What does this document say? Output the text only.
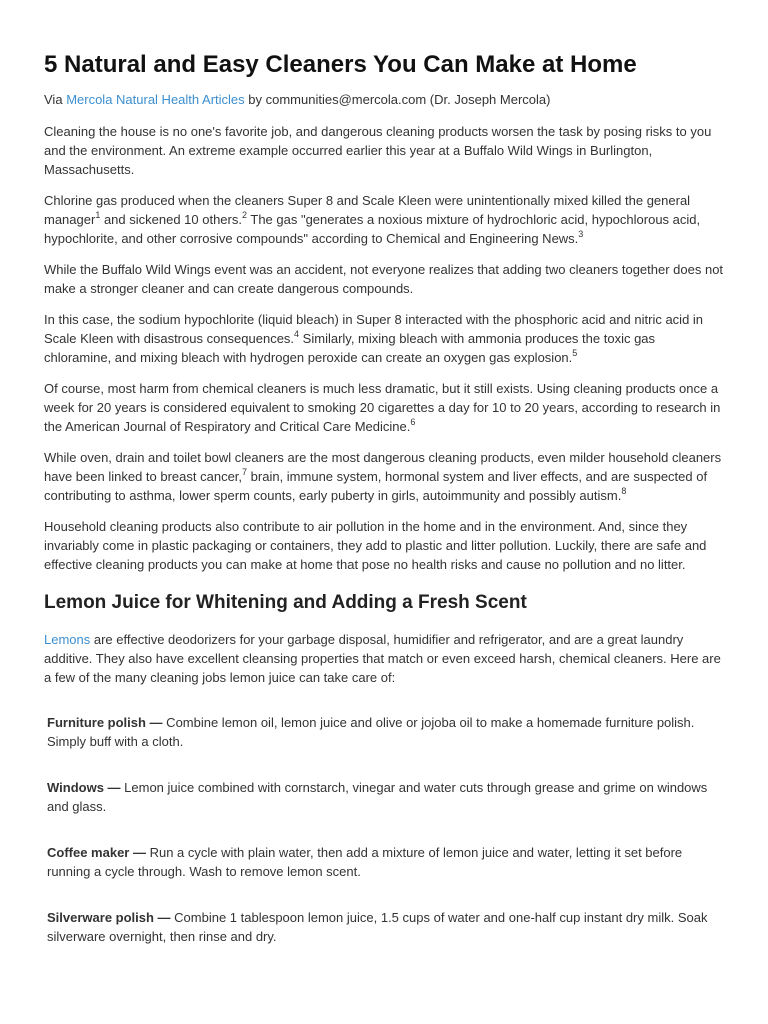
5 Natural and Easy Cleaners You Can Make at Home
Via Mercola Natural Health Articles by communities@mercola.com (Dr. Joseph Mercola)

Cleaning the house is no one's favorite job, and dangerous cleaning products worsen the task by posing risks to you and the environment. An extreme example occurred earlier this year at a Buffalo Wild Wings in Burlington, Massachusetts.

Chlorine gas produced when the cleaners Super 8 and Scale Kleen were unintentionally mixed killed the general manager$^1$ and sickened 10 others.$^2$ The gas "generates a noxious mixture of hydrochloric acid, hypochlorous acid, hypochlorite, and other corrosive compounds" according to Chemical and Engineering News.$^3$

While the Buffalo Wild Wings event was an accident, not everyone realizes that adding two cleaners together does not make a stronger cleaner and can create dangerous compounds.

In this case, the sodium hypochlorite (liquid bleach) in Super 8 interacted with the phosphoric acid and nitric acid in Scale Kleen with disastrous consequences.$^4$ Similarly, mixing bleach with ammonia produces the toxic gas chloramine, and mixing bleach with hydrogen peroxide can create an oxygen gas explosion.$^5$

Of course, most harm from chemical cleaners is much less dramatic, but it still exists. Using cleaning products once a week for 20 years is considered equivalent to smoking 20 cigarettes a day for 10 to 20 years, according to research in the American Journal of Respiratory and Critical Care Medicine.$^6$

While oven, drain and toilet bowl cleaners are the most dangerous cleaning products, even milder household cleaners have been linked to breast cancer,$^7$ brain, immune system, hormonal system and liver effects, and are suspected of contributing to asthma, lower sperm counts, early puberty in girls, autoimmunity and possibly autism.$^8$

Household cleaning products also contribute to air pollution in the home and in the environment. And, since they invariably come in plastic packaging or containers, they add to plastic and litter pollution. Luckily, there are safe and effective cleaning products you can make at home that pose no health risks and cause no pollution and no litter.

Lemon Juice for Whitening and Adding a Fresh Scent

Lemons are effective deodorizers for your garbage disposal, humidifier and refrigerator, and are a great laundry additive. They also have excellent cleansing properties that match or even exceed harsh, chemical cleaners. Here are a few of the many cleaning jobs lemon juice can take care of:

Furniture polish — Combine lemon oil, lemon juice and olive or jojoba oil to make a homemade furniture polish. Simply buff with a cloth.

Windows — Lemon juice combined with cornstarch, vinegar and water cuts through grease and grime on windows and glass.

Coffee maker — Run a cycle with plain water, then add a mixture of lemon juice and water, letting it set before running a cycle through. Wash to remove lemon scent.

Silverware polish — Combine 1 tablespoon lemon juice, 1.5 cups of water and one-half cup instant dry milk. Soak silverware overnight, then rinse and dry.
